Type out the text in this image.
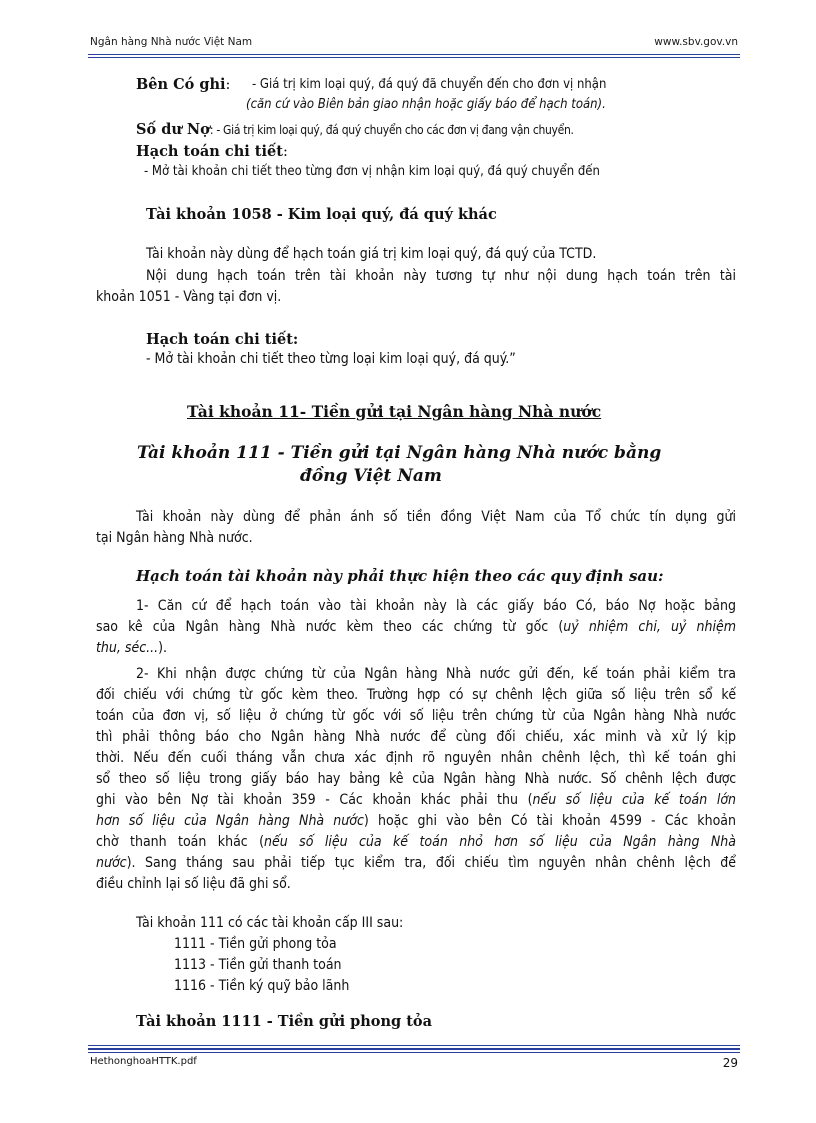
Ngân hàng Nhà nước Việt Nam	www.sbv.gov.vn
Bên Có ghi: - Giá trị kim loại quý, đá quý đã chuyển đến cho đơn vị nhận
(căn cứ vào Biên bản giao nhận hoặc giấy báo để hạch toán).
Số dư Nợ: - Giá trị kim loại quý, đá quý chuyển cho các đơn vị đang vận chuyển.
Hạch toán chi tiết:
- Mở tài khoản chi tiết theo từng đơn vị nhận kim loại quý, đá quý chuyển đến
Tài khoản 1058 - Kim loại quý, đá quý khác
Tài khoản này dùng để hạch toán giá trị kim loại quý, đá quý của TCTD.
Nội dung hạch toán trên tài khoản này tương tự như nội dung hạch toán trên tài
khoản 1051 - Vàng tại đơn vị.
Hạch toán chi tiết:
- Mở tài khoản chi tiết theo từng loại kim loại quý, đá quý.”
Tài khoản 11- Tiền gửi tại Ngân hàng Nhà nước
Tài khoản 111 - Tiền gửi tại Ngân hàng Nhà nước bằng
đồng Việt Nam
Tài khoản này dùng để phản ánh số tiền đồng Việt Nam của Tổ chức tín dụng gửi
tại Ngân hàng Nhà nước.
Hạch toán tài khoản này phải thực hiện theo các quy định sau:
1- Căn cứ để hạch toán vào tài khoản này là các giấy báo Có, báo Nợ hoặc bảng
sao kê của Ngân hàng Nhà nước kèm theo các chứng từ gốc (uỷ nhiệm chi, uỷ nhiệm
thu, séc...).
2- Khi nhận được chứng từ của Ngân hàng Nhà nước gửi đến, kế toán phải kiểm tra
đối chiếu với chứng từ gốc kèm theo. Trường hợp có sự chênh lệch giữa số liệu trên sổ kế
toán của đơn vị, số liệu ở chứng từ gốc với số liệu trên chứng từ của Ngân hàng Nhà nước
thì phải thông báo cho Ngân hàng Nhà nước để cùng đối chiếu, xác minh và xử lý kịp
thời. Nếu đến cuối tháng vẫn chưa xác định rõ nguyên nhân chênh lệch, thì kế toán ghi
sổ theo số liệu trong giấy báo hay bảng kê của Ngân hàng Nhà nước. Số chênh lệch được
ghi vào bên Nợ tài khoản 359 - Các khoản khác phải thu (nếu số liệu của kế toán lớn
hơn số liệu của Ngân hàng Nhà nước) hoặc ghi vào bên Có tài khoản 4599 - Các khoản
chờ thanh toán khác (nếu số liệu của kế toán nhỏ hơn số liệu của Ngân hàng Nhà
nước). Sang tháng sau phải tiếp tục kiểm tra, đối chiếu tìm nguyên nhân chênh lệch để
điều chỉnh lại số liệu đã ghi sổ.
Tài khoản 111 có các tài khoản cấp III sau:
1111 - Tiền gửi phong tỏa
1113 - Tiền gửi thanh toán
1116 - Tiền ký quỹ bảo lãnh
Tài khoản 1111 - Tiền gửi phong tỏa
HethonghoaHTTK.pdf	29
